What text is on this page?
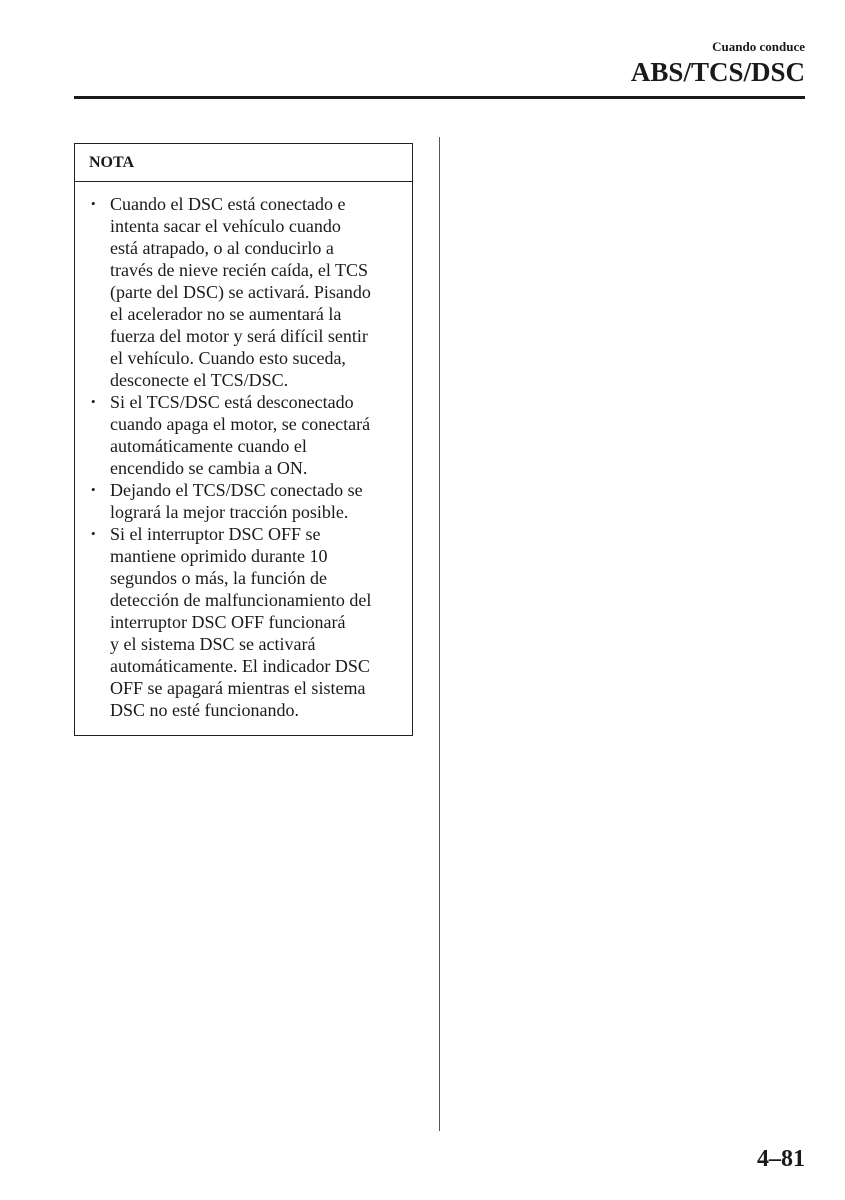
Cuando conduce
ABS/TCS/DSC
NOTA
• Cuando el DSC está conectado e
intenta sacar el vehículo cuando
está atrapado, o al conducirlo a
través de nieve recién caída, el TCS
(parte del DSC) se activará. Pisando
el acelerador no se aumentará la
fuerza del motor y será difícil sentir
el vehículo. Cuando esto suceda,
desconecte el TCS/DSC.
• Si el TCS/DSC está desconectado
cuando apaga el motor, se conectará
automáticamente cuando el
encendido se cambia a ON.
• Dejando el TCS/DSC conectado se
logrará la mejor tracción posible.
• Si el interruptor DSC OFF se
mantiene oprimido durante 10
segundos o más, la función de
detección de malfuncionamiento del
interruptor DSC OFF funcionará
y el sistema DSC se activará
automáticamente. El indicador DSC
OFF se apagará mientras el sistema
DSC no esté funcionando.
4–81
